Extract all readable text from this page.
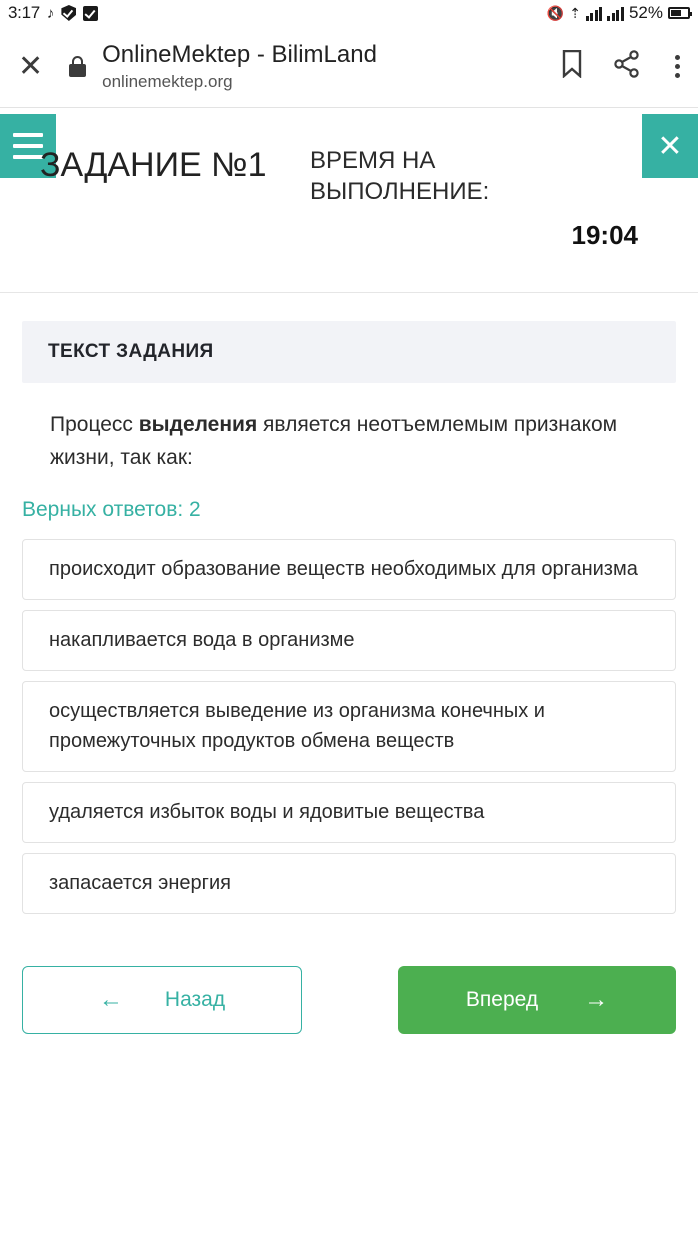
3:17 ♪	🔇 ⇡	52%
✕ OnlineMektep - BilimLand
onlinemektep.org
ЗАДАНИЕ №1	ВРЕМЯ НА ВЫПОЛНЕНИЕ:
19:04
✕
ТЕКСТ ЗАДАНИЯ
Процесс выделения является неотъемлемым признаком жизни, так как:
Верных ответов: 2
происходит образование веществ необходимых для организма
накапливается вода в организме
осуществляется выведение из организма конечных и промежуточных продуктов обмена веществ
удаляется избыток воды и ядовитые вещества
запасается энергия
← Назад	Вперед →
